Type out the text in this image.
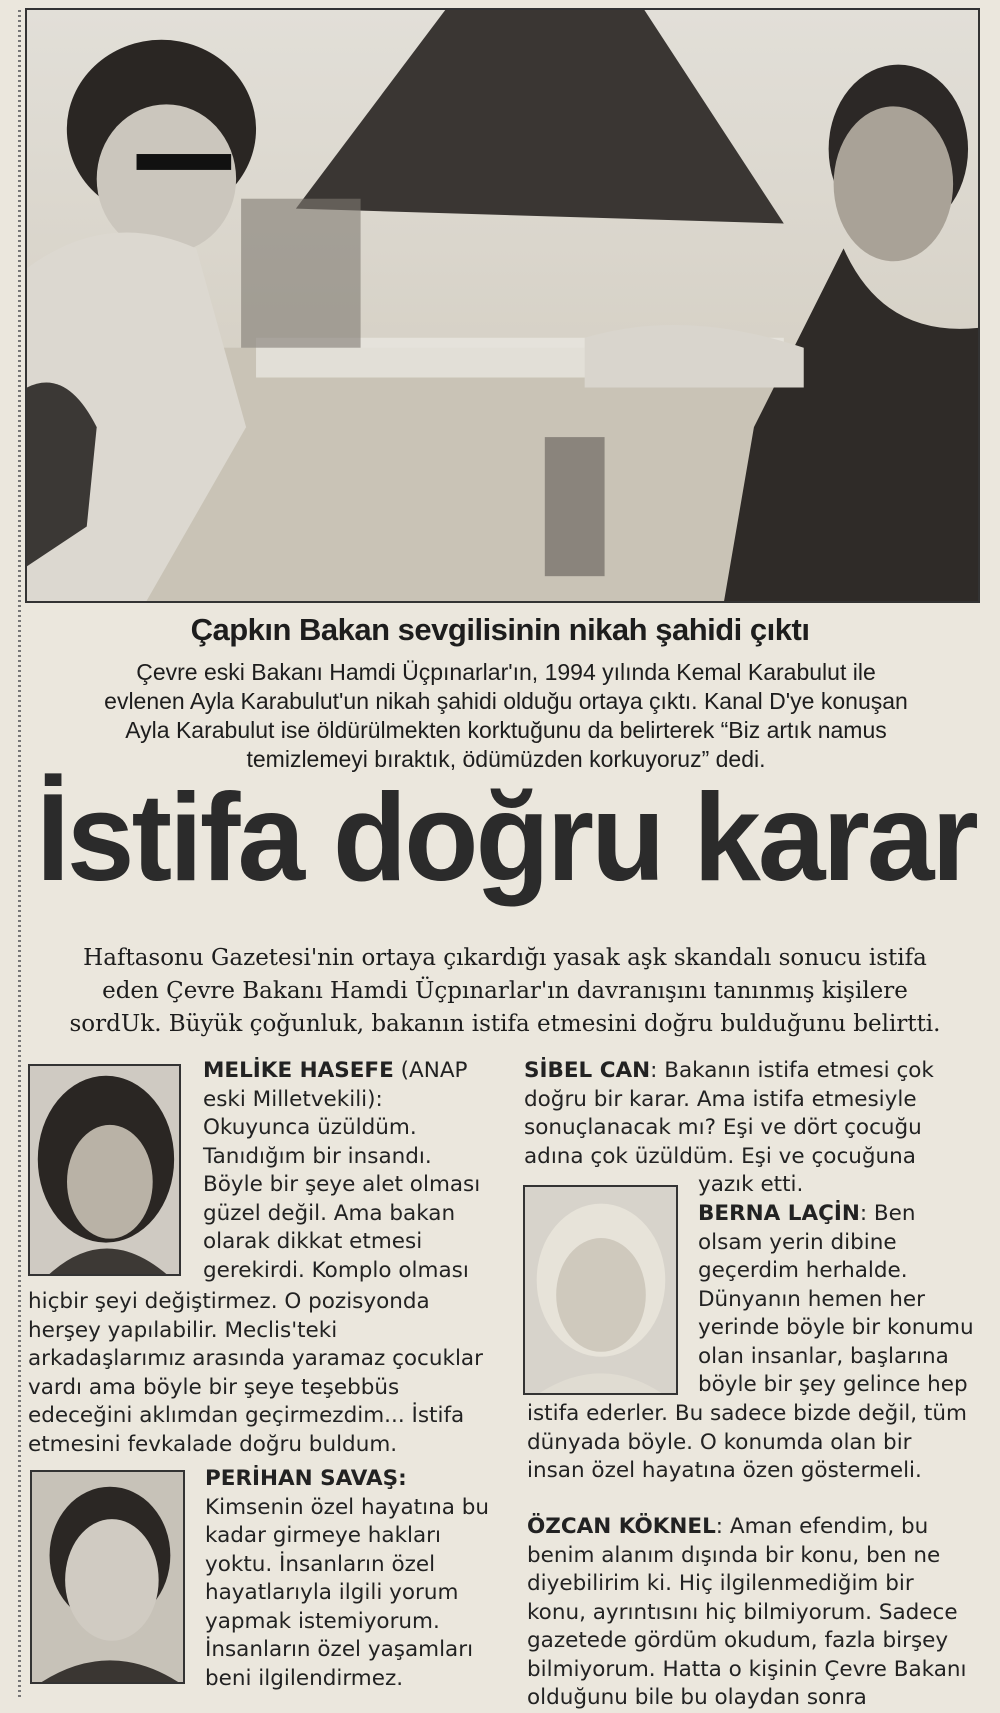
Çapkın Bakan sevgilisinin nikah şahidi çıktı
Çevre eski Bakanı Hamdi Üçpınarlar'ın, 1994 yılında Kemal Karabulut ile
evlenen Ayla Karabulut'un nikah şahidi olduğu ortaya çıktı. Kanal D'ye konuşan
Ayla Karabulut ise öldürülmekten korktuğunu da belirterek “Biz artık namus
temizlemeyi bıraktık, ödümüzden korkuyoruz” dedi.
İstifa doğru karar
Haftasonu Gazetesi'nin ortaya çıkardığı yasak aşk skandalı sonucu istifa
eden Çevre Bakanı Hamdi Üçpınarlar'ın davranışını tanınmış kişilere
sordUk. Büyük çoğunluk, bakanın istifa etmesini doğru bulduğunu belirtti.

MELİKE HASEFE (ANAP

eski Milletvekili):

Okuyunca üzüldüm.

Tanıdığım bir insandı.

Böyle bir şeye alet olması

güzel değil. Ama bakan

olarak dikkat etmesi

gerekirdi. Komplo olması

hiçbir şeyi değiştirmez. O pozisyonda

herşey yapılabilir. Meclis'teki

arkadaşlarımız arasında yaramaz çocuklar

vardı ama böyle bir şeye teşebbüs

edeceğini aklımdan geçirmezdim... İstifa

etmesini fevkalade doğru buldum.

PERİHAN SAVAŞ:

Kimsenin özel hayatına bu

kadar girmeye hakları

yoktu. İnsanların özel

hayatlarıyla ilgili yorum

yapmak istemiyorum.

İnsanların özel yaşamları

beni ilgilendirmez.

SİBEL CAN: Bakanın istifa etmesi çok

doğru bir karar. Ama istifa etmesiyle

sonuçlanacak mı? Eşi ve dört çocuğu

adına çok üzüldüm. Eşi ve çocuğuna

yazık etti.

BERNA LAÇİN: Ben

olsam yerin dibine

geçerdim herhalde.

Dünyanın hemen her

yerinde böyle bir konumu

olan insanlar, başlarına

böyle bir şey gelince hep

istifa ederler. Bu sadece bizde değil, tüm

dünyada böyle. O konumda olan bir

insan özel hayatına özen göstermeli.

ÖZCAN KÖKNEL: Aman efendim, bu

benim alanım dışında bir konu, ben ne

diyebilirim ki. Hiç ilgilenmediğim bir

konu, ayrıntısını hiç bilmiyorum. Sadece

gazetede gördüm okudum, fazla birşey

bilmiyorum. Hatta o kişinin Çevre Bakanı

olduğunu bile bu olaydan sonra
